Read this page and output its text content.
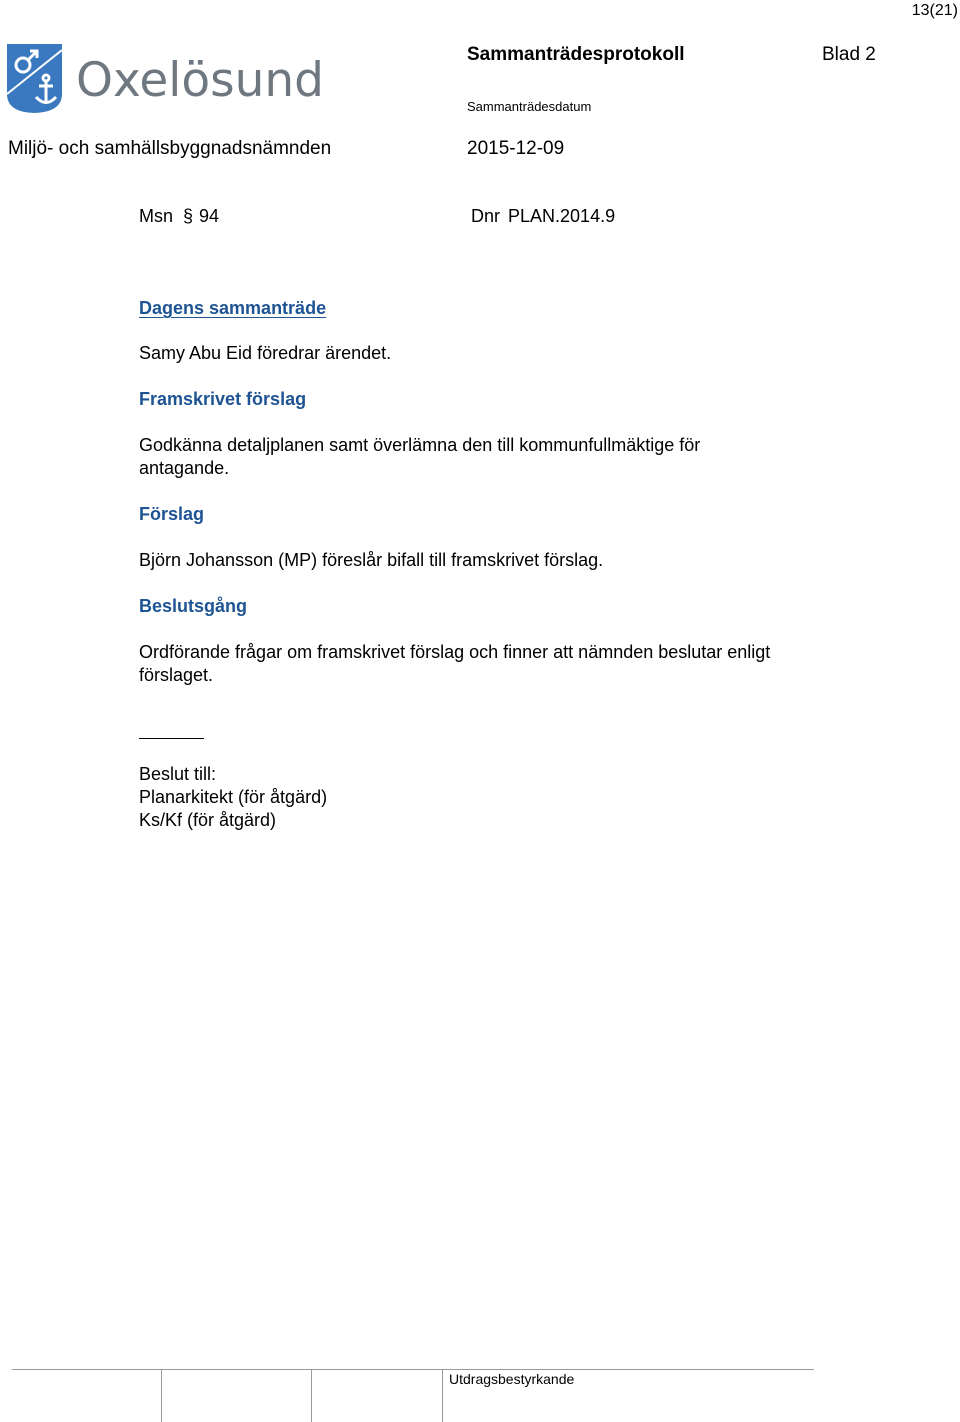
13(21)
Oxelösund	Sammanträdesprotokoll	Blad 2
Sammanträdesdatum
Miljö- och samhällsbyggnadsnämnden	2015-12-09
Msn § 94	Dnr PLAN.2014.9
Dagens sammanträde

Samy Abu Eid föredrar ärendet.

Framskrivet förslag

Godkänna detaljplanen samt överlämna den till kommunfullmäktige för

antagande.

Förslag

Björn Johansson (MP) föreslår bifall till framskrivet förslag.

Beslutsgång

Ordförande frågar om framskrivet förslag och finner att nämnden beslutar enligt

förslaget.

Beslut till:

Planarkitekt (för åtgärd)

Ks/Kf (för åtgärd)

Utdragsbestyrkande
